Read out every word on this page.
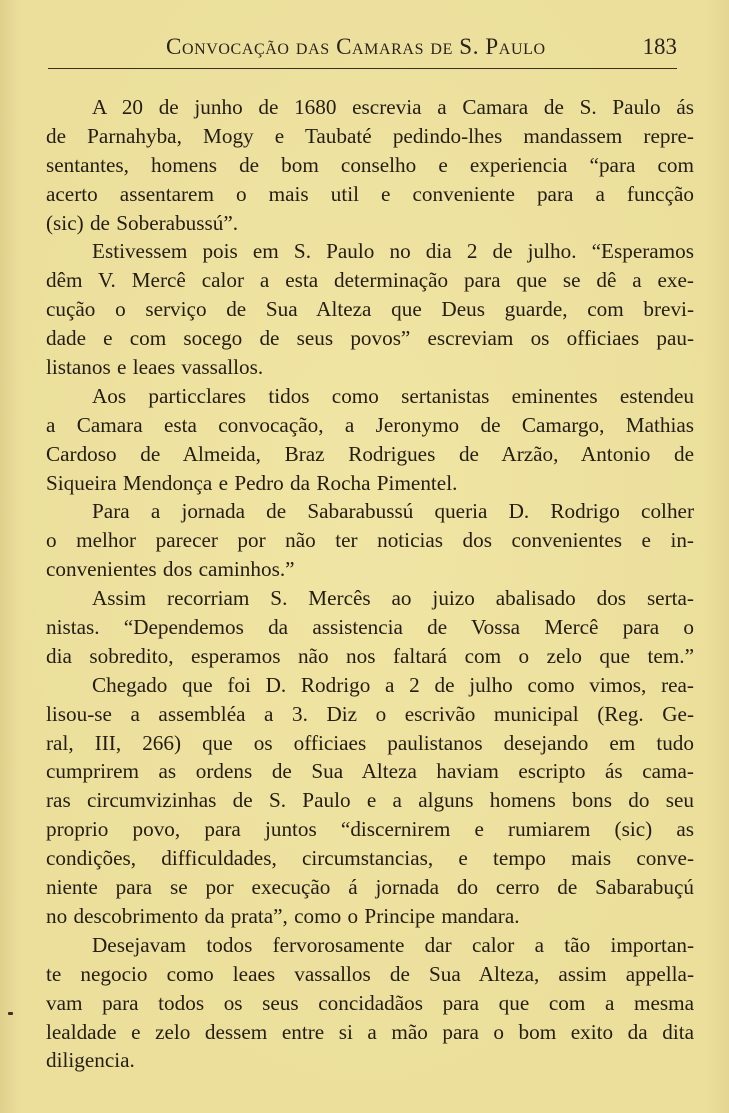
Convocação das Camaras de S. Paulo	183
A 20 de junho de 1680 escrevia a Camara de S. Paulo ás
de Parnahyba, Mogy e Taubaté pedindo-lhes mandassem repre-
sentantes, homens de bom conselho e experiencia “para com
acerto assentarem o mais util e conveniente para a funcção
(sic) de Soberabussú”.
Estivessem pois em S. Paulo no dia 2 de julho. “Esperamos
dêm V. Mercê calor a esta determinação para que se dê a exe-
cução o serviço de Sua Alteza que Deus guarde, com brevi-
dade e com socego de seus povos” escreviam os officiaes pau-
listanos e leaes vassallos.
Aos particclares tidos como sertanistas eminentes estendeu
a Camara esta convocação, a Jeronymo de Camargo, Mathias
Cardoso de Almeida, Braz Rodrigues de Arzão, Antonio de
Siqueira Mendonça e Pedro da Rocha Pimentel.
Para a jornada de Sabarabussú queria D. Rodrigo colher
o melhor parecer por não ter noticias dos convenientes e in-
convenientes dos caminhos.”
Assim recorriam S. Mercês ao juizo abalisado dos serta-
nistas. “Dependemos da assistencia de Vossa Mercê para o
dia sobredito, esperamos não nos faltará com o zelo que tem.”
Chegado que foi D. Rodrigo a 2 de julho como vimos, rea-
lisou-se a assembléa a 3. Diz o escrivão municipal (Reg. Ge-
ral, III, 266) que os officiaes paulistanos desejando em tudo
cumprirem as ordens de Sua Alteza haviam escripto ás cama-
ras circumvizinhas de S. Paulo e a alguns homens bons do seu
proprio povo, para juntos “discernirem e rumiarem (sic) as
condições, difficuldades, circumstancias, e tempo mais conve-
niente para se por execução á jornada do cerro de Sabarabuçú
no descobrimento da prata”, como o Principe mandara.
Desejavam todos fervorosamente dar calor a tão importan-
te negocio como leaes vassallos de Sua Alteza, assim appella-
vam para todos os seus concidadãos para que com a mesma
lealdade e zelo dessem entre si a mão para o bom exito da dita
diligencia.
